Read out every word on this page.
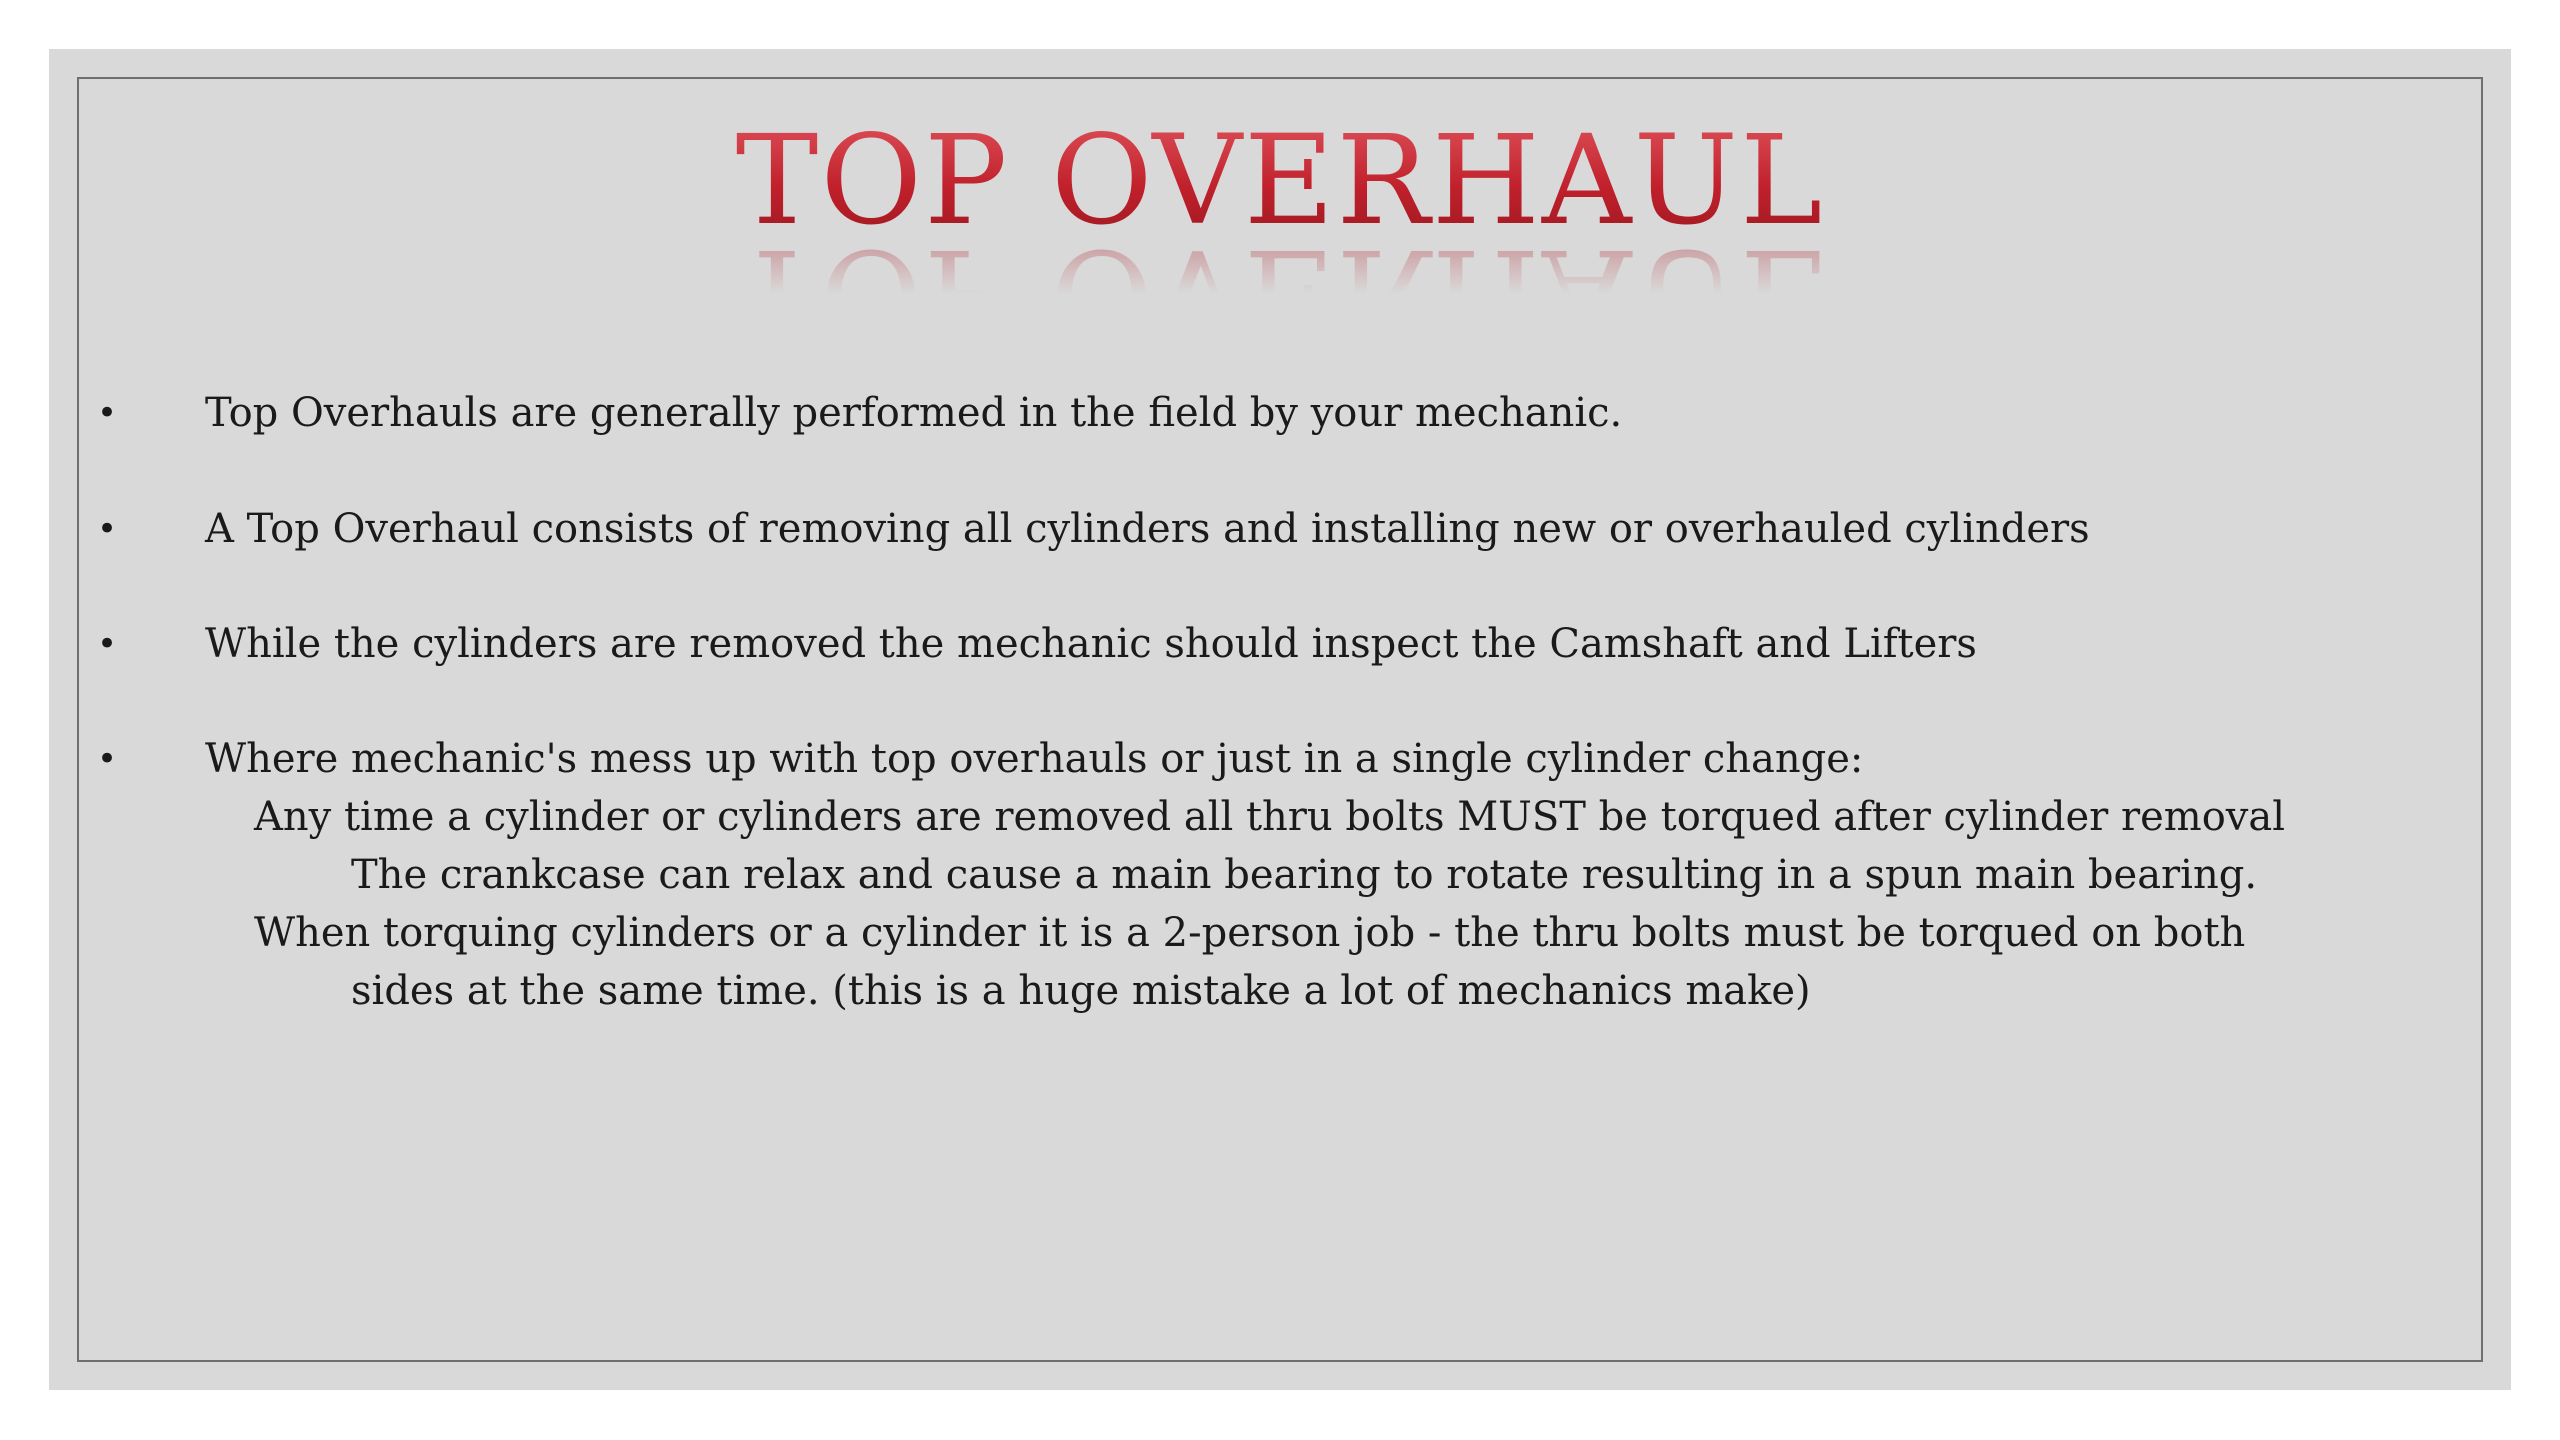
TOP OVERHAUL
•	Top Overhauls are generally performed in the field by your mechanic.
•	A Top Overhaul consists of removing all cylinders and installing new or overhauled cylinders
•	While the cylinders are removed the mechanic should inspect the Camshaft and Lifters
•	Where mechanic's mess up with top overhauls or just in a single cylinder change:
Any time a cylinder or cylinders are removed all thru bolts MUST be torqued after cylinder removal
The crankcase can relax and cause a main bearing to rotate resulting in a spun main bearing.
When torquing cylinders or a cylinder it is a 2-person job - the thru bolts must be torqued on both
sides at the same time. (this is a huge mistake a lot of mechanics make)
